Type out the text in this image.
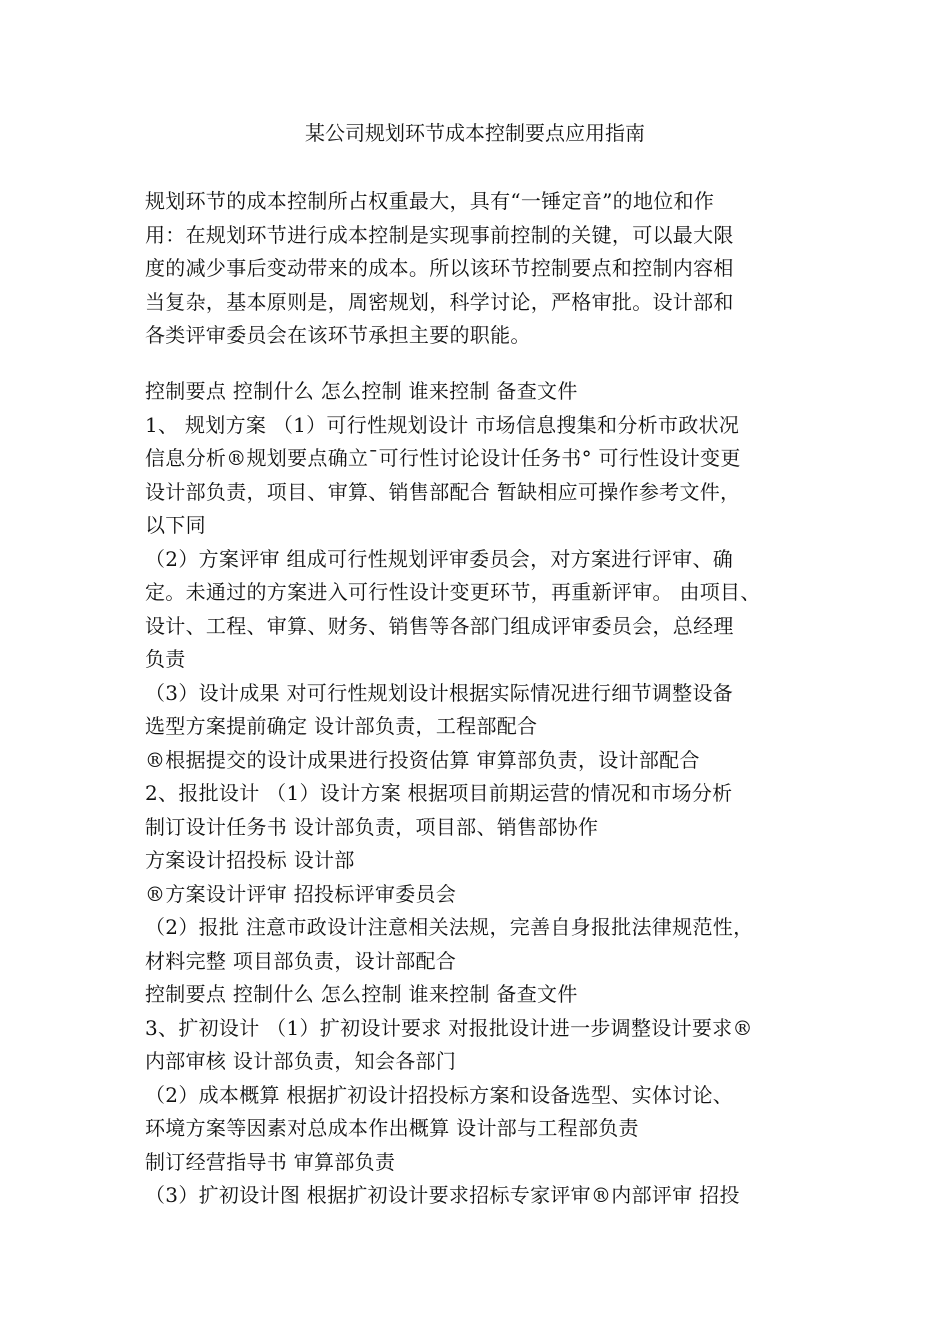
某公司规划环节成本控制要点应用指南
规划环节的成本控制所占权重最大，具有“一锤定音”的地位和作
用：在规划环节进行成本控制是实现事前控制的关键，可以最大限
度的减少事后变动带来的成本。所以该环节控制要点和控制内容相
当复杂，基本原则是，周密规划，科学讨论，严格审批。设计部和
各类评审委员会在该环节承担主要的职能。
控制要点 控制什么 怎么控制 谁来控制 备查文件
1、 规划方案 （1）可行性规划设计 市场信息搜集和分析市政状况
信息分析®规划要点确立¯可行性讨论设计任务书° 可行性设计变更
设计部负责，项目、审算、销售部配合 暂缺相应可操作参考文件，
以下同
（2）方案评审 组成可行性规划评审委员会，对方案进行评审、确
定。未通过的方案进入可行性设计变更环节，再重新评审。 由项目、
设计、工程、审算、财务、销售等各部门组成评审委员会，总经理
负责
（3）设计成果 对可行性规划设计根据实际情况进行细节调整设备
选型方案提前确定 设计部负责，工程部配合
®根据提交的设计成果进行投资估算 审算部负责，设计部配合
2、报批设计 （1）设计方案 根据项目前期运营的情况和市场分析
制订设计任务书 设计部负责，项目部、销售部协作
方案设计招投标 设计部
®方案设计评审 招投标评审委员会
（2）报批 注意市政设计注意相关法规，完善自身报批法律规范性，
材料完整 项目部负责，设计部配合
控制要点 控制什么 怎么控制 谁来控制 备查文件
3、扩初设计 （1）扩初设计要求 对报批设计进一步调整设计要求®
内部审核 设计部负责，知会各部门
（2）成本概算 根据扩初设计招投标方案和设备选型、实体讨论、
环境方案等因素对总成本作出概算 设计部与工程部负责
制订经营指导书 审算部负责
（3）扩初设计图 根据扩初设计要求招标专家评审®内部评审 招投
